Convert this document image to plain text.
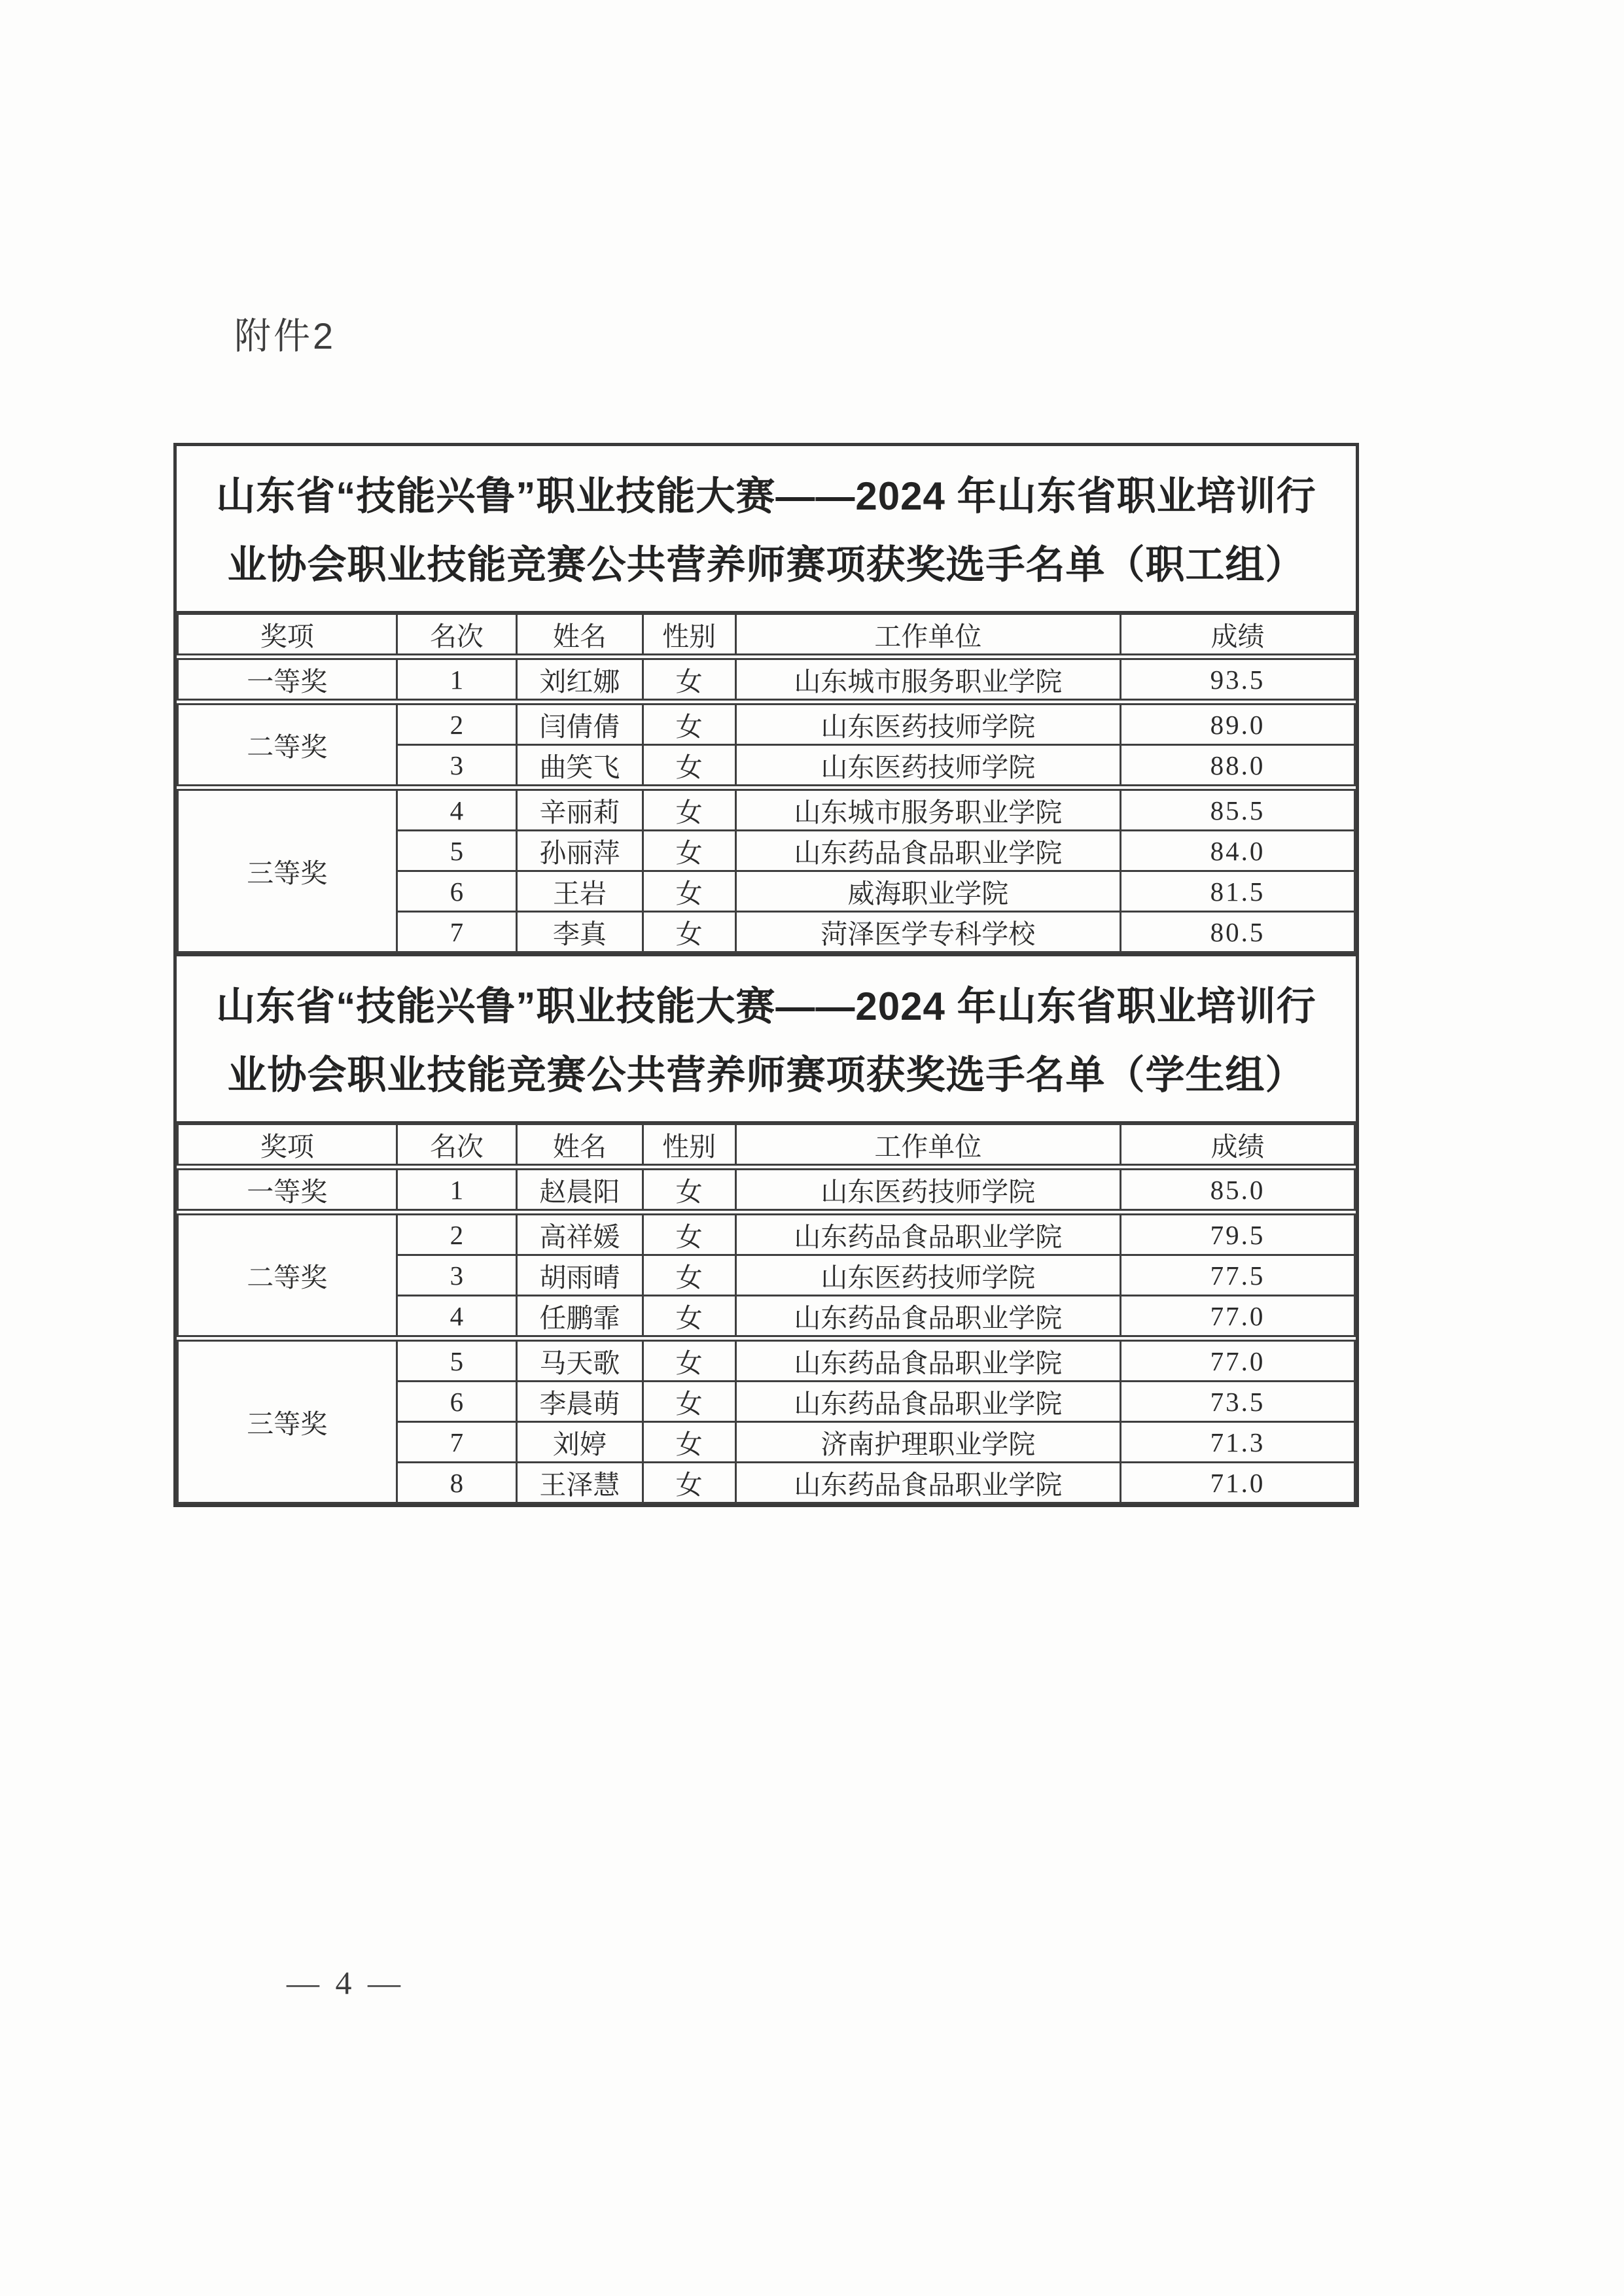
附件2
山东省“技能兴鲁”职业技能大赛——2024 年山东省职业培训行
业协会职业技能竞赛公共营养师赛项获奖选手名单（职工组）
奖项	名次	姓名	性别	工作单位	成绩
一等奖	1	刘红娜	女	山东城市服务职业学院	93.5
二等奖	2	闫倩倩	女	山东医药技师学院	89.0
	3	曲笑飞	女	山东医药技师学院	88.0
三等奖	4	辛丽莉	女	山东城市服务职业学院	85.5
	5	孙丽萍	女	山东药品食品职业学院	84.0
	6	王岩	女	威海职业学院	81.5
	7	李真	女	菏泽医学专科学校	80.5
山东省“技能兴鲁”职业技能大赛——2024 年山东省职业培训行
业协会职业技能竞赛公共营养师赛项获奖选手名单（学生组）
奖项	名次	姓名	性别	工作单位	成绩
一等奖	1	赵晨阳	女	山东医药技师学院	85.0
二等奖	2	高祥媛	女	山东药品食品职业学院	79.5
	3	胡雨晴	女	山东医药技师学院	77.5
	4	任鹏霏	女	山东药品食品职业学院	77.0
三等奖	5	马天歌	女	山东药品食品职业学院	77.0
	6	李晨萌	女	山东药品食品职业学院	73.5
	7	刘婷	女	济南护理职业学院	71.3
	8	王泽慧	女	山东药品食品职业学院	71.0
— 4 —
